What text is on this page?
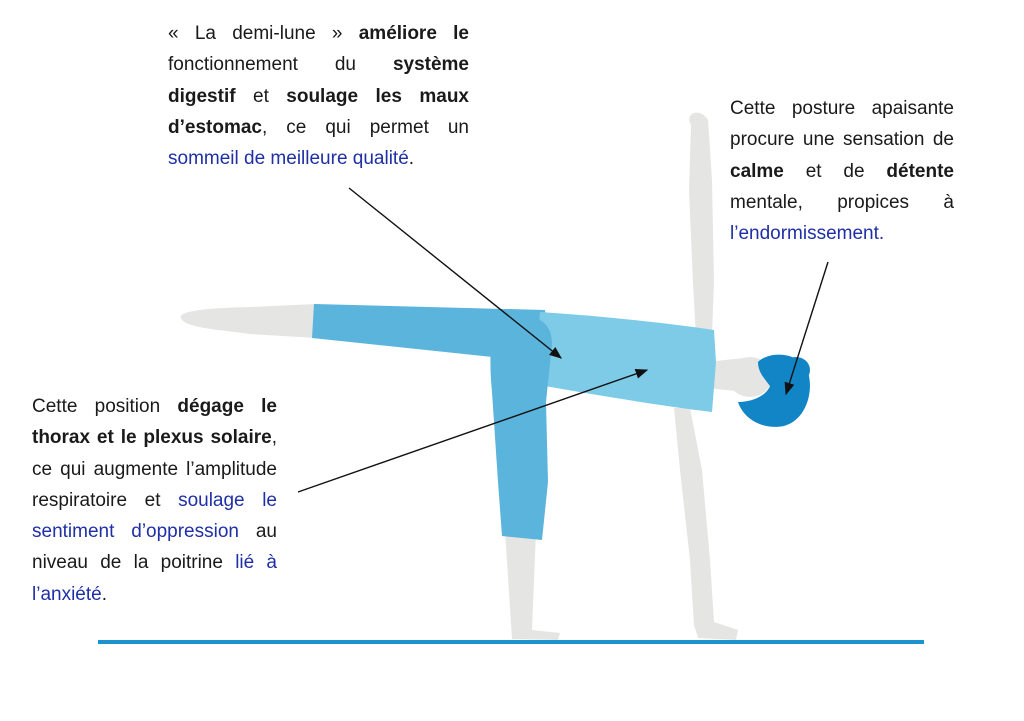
« La demi-lune » améliore le fonctionnement du système digestif et soulage les maux d’estomac, ce qui permet un sommeil de meilleure qualité.
Cette posture apaisante procure une sensation de calme et de détente mentale, propices à l’endormissement.
Cette position dégage le thorax et le plexus solaire, ce qui augmente l’amplitude respiratoire et soulage le sentiment d’oppression au niveau de la poitrine lié à l’anxiété.
